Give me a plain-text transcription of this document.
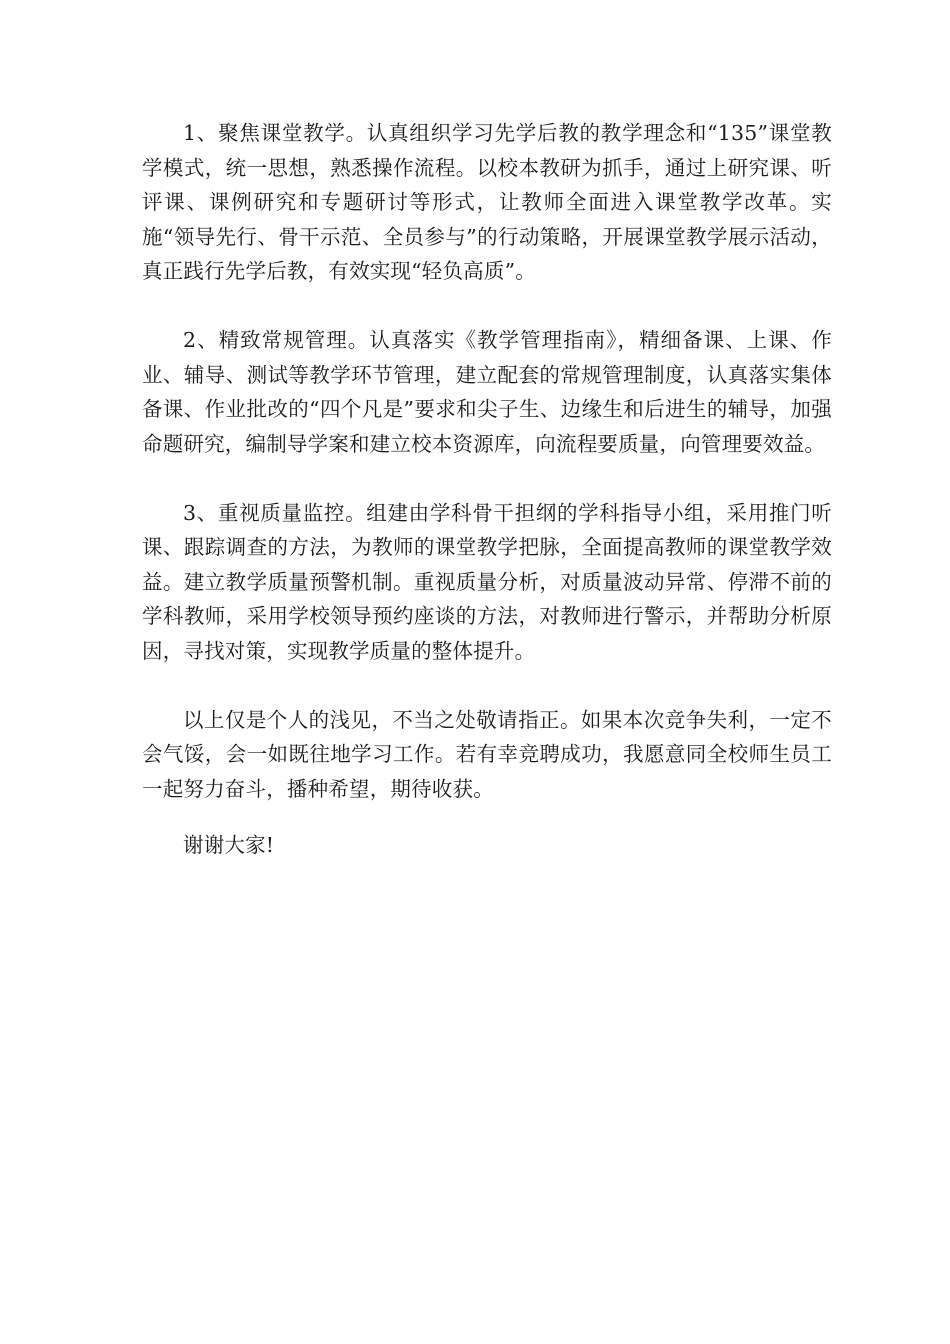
1、聚焦课堂教学。认真组织学习先学后教的教学理念和“135”课堂教学模式，统一思想，熟悉操作流程。以校本教研为抓手，通过上研究课、听评课、课例研究和专题研讨等形式，让教师全面进入课堂教学改革。实施“领导先行、骨干示范、全员参与”的行动策略，开展课堂教学展示活动，真正践行先学后教，有效实现“轻负高质”。

2、精致常规管理。认真落实《教学管理指南》，精细备课、上课、作业、辅导、测试等教学环节管理，建立配套的常规管理制度，认真落实集体备课、作业批改的“四个凡是”要求和尖子生、边缘生和后进生的辅导，加强命题研究，编制导学案和建立校本资源库，向流程要质量，向管理要效益。

3、重视质量监控。组建由学科骨干担纲的学科指导小组，采用推门听课、跟踪调查的方法，为教师的课堂教学把脉，全面提高教师的课堂教学效益。建立教学质量预警机制。重视质量分析，对质量波动异常、停滞不前的学科教师，采用学校领导预约座谈的方法，对教师进行警示，并帮助分析原因，寻找对策，实现教学质量的整体提升。

以上仅是个人的浅见，不当之处敬请指正。如果本次竞争失利，一定不会气馁，会一如既往地学习工作。若有幸竞聘成功，我愿意同全校师生员工一起努力奋斗，播种希望，期待收获。

谢谢大家!
